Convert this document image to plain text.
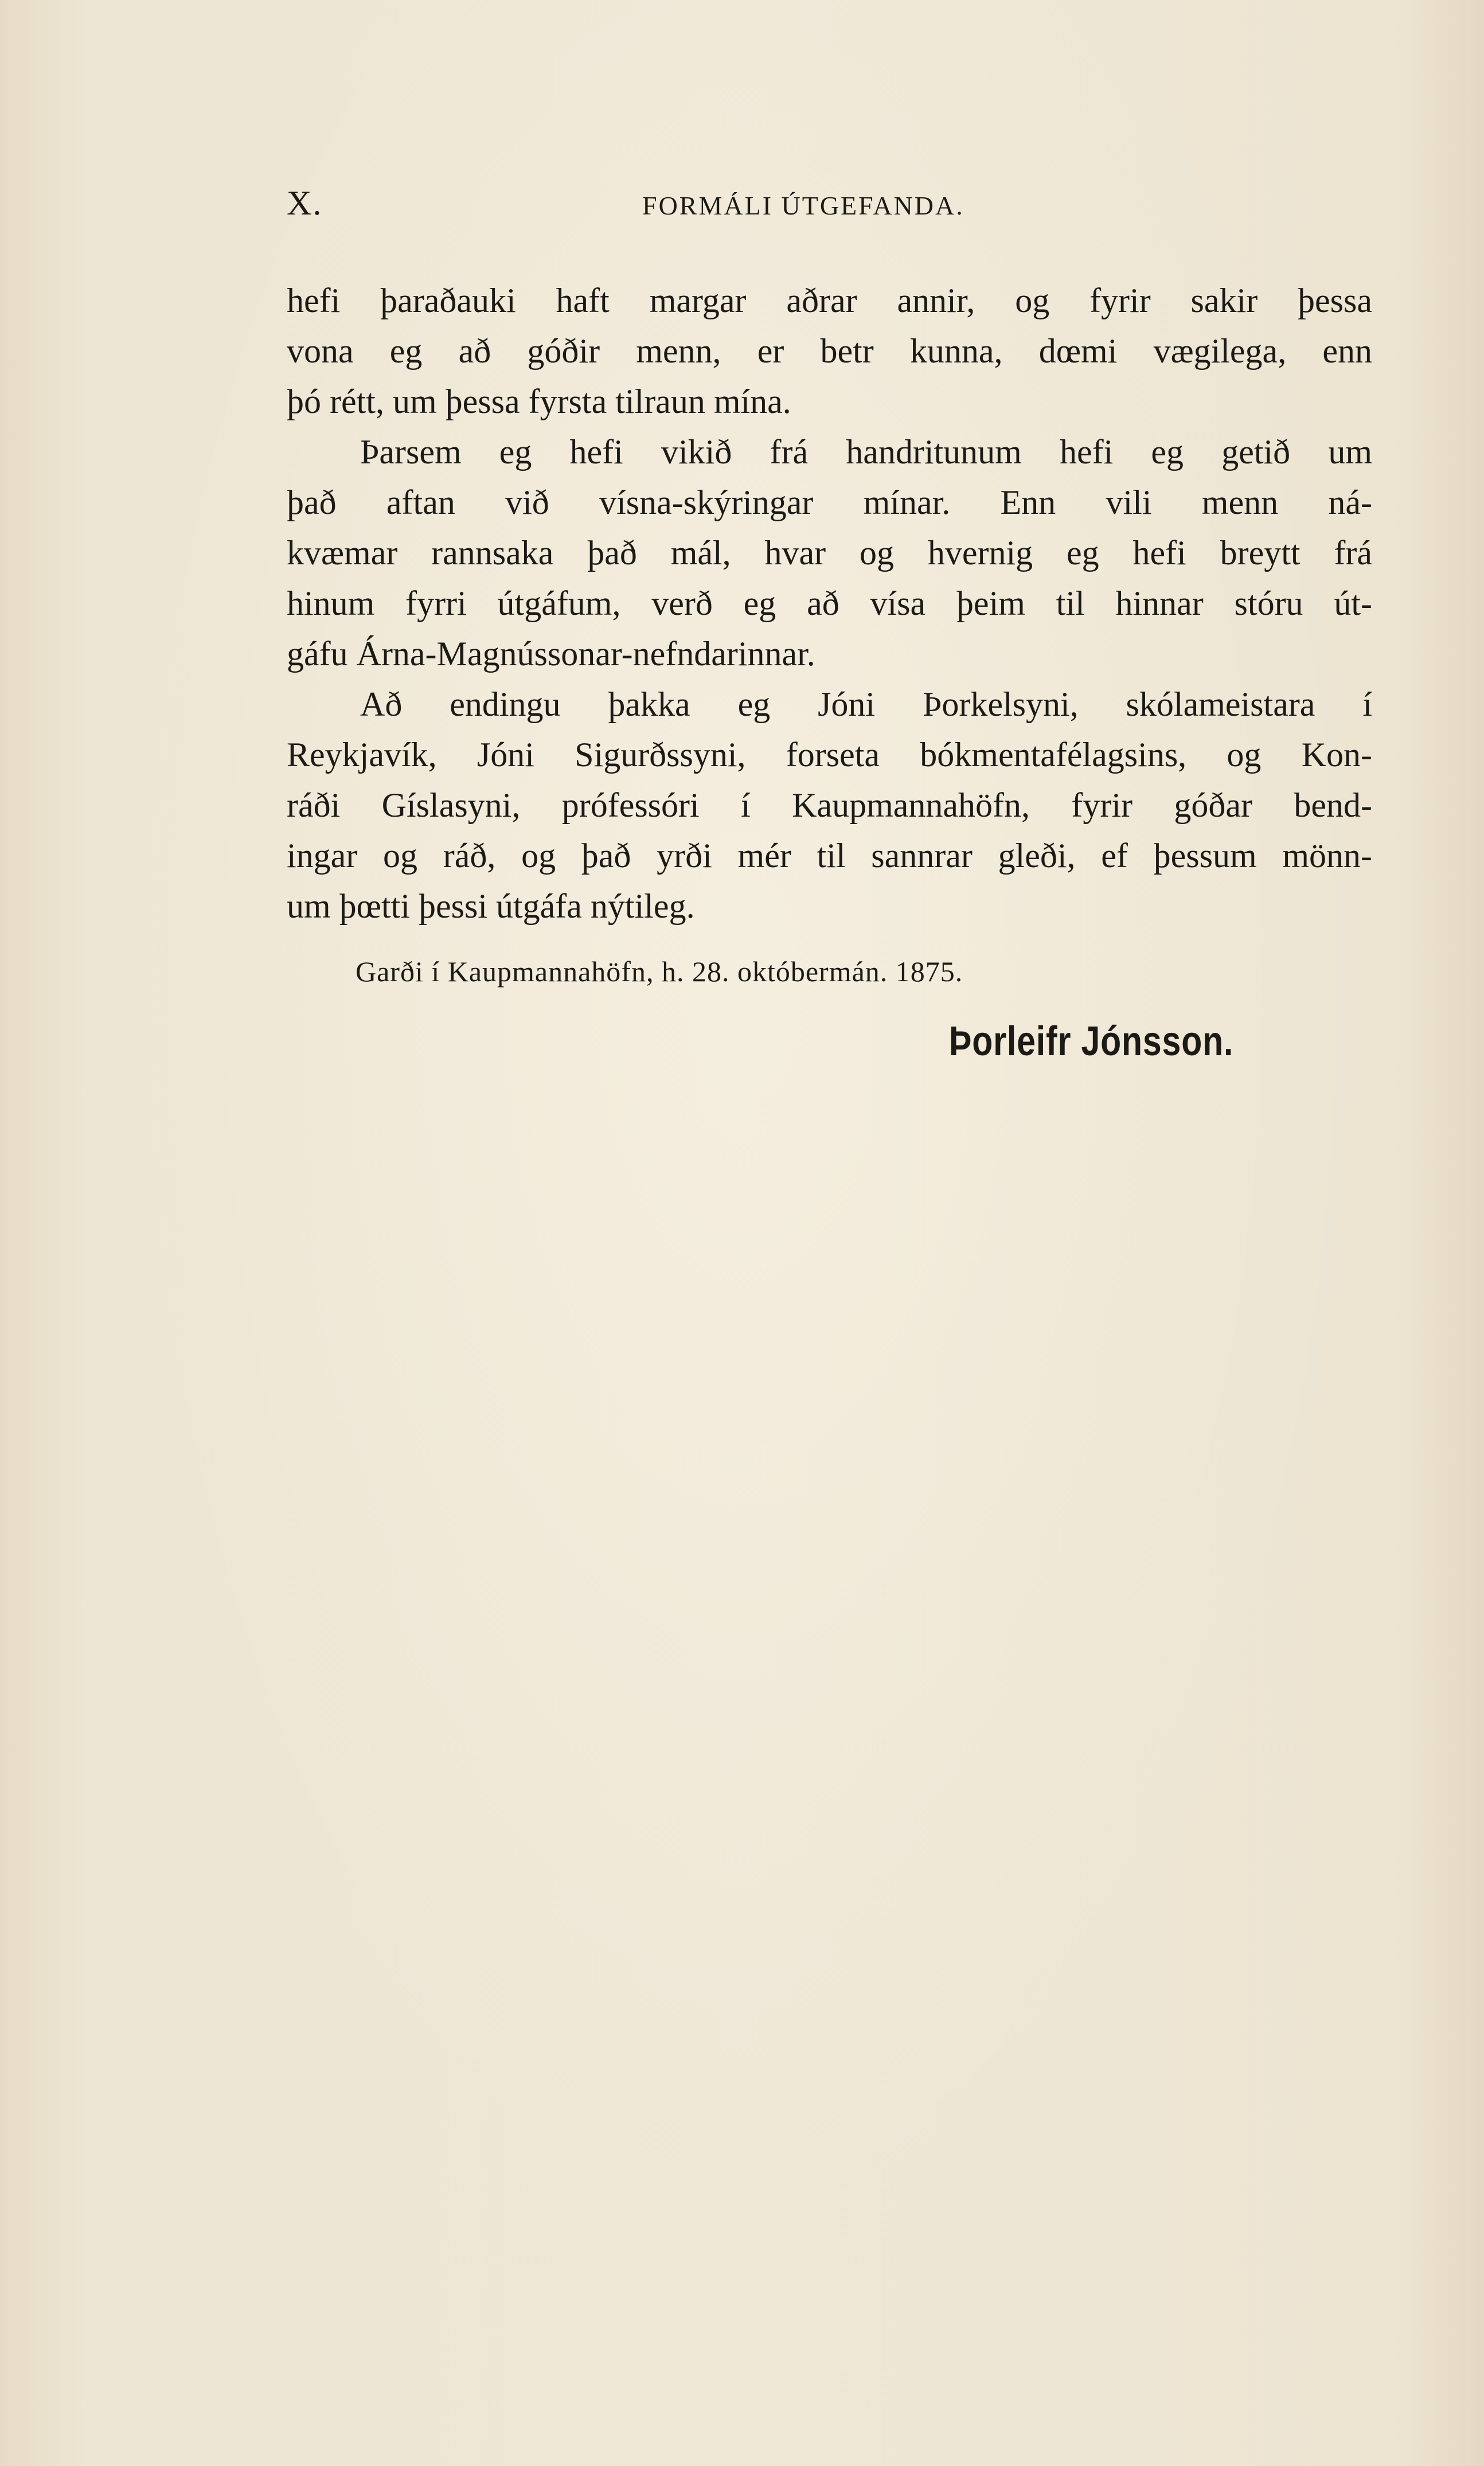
X.	FORMÁLI ÚTGEFANDA.
hefi þaraðauki haft margar aðrar annir, og fyrir sakir þessa
vona eg að góðir menn, er betr kunna, dœmi vægilega, enn
þó rétt, um þessa fyrsta tilraun mína.
Þarsem eg hefi vikið frá handritunum hefi eg getið um
það aftan við vísna-skýringar mínar. Enn vili menn ná-
kvæmar rannsaka það mál, hvar og hvernig eg hefi breytt frá
hinum fyrri útgáfum, verð eg að vísa þeim til hinnar stóru út-
gáfu Árna-Magnússonar-nefndarinnar.
Að endingu þakka eg Jóni Þorkelsyni, skólameistara í
Reykjavík, Jóni Sigurðssyni, forseta bókmentafélagsins, og Kon-
ráði Gíslasyni, prófessóri í Kaupmannahöfn, fyrir góðar bend-
ingar og ráð, og það yrði mér til sannrar gleði, ef þessum mönn-
um þœtti þessi útgáfa nýtileg.
Garði í Kaupmannahöfn, h. 28. októbermán. 1875.
Þorleifr Jónsson.
